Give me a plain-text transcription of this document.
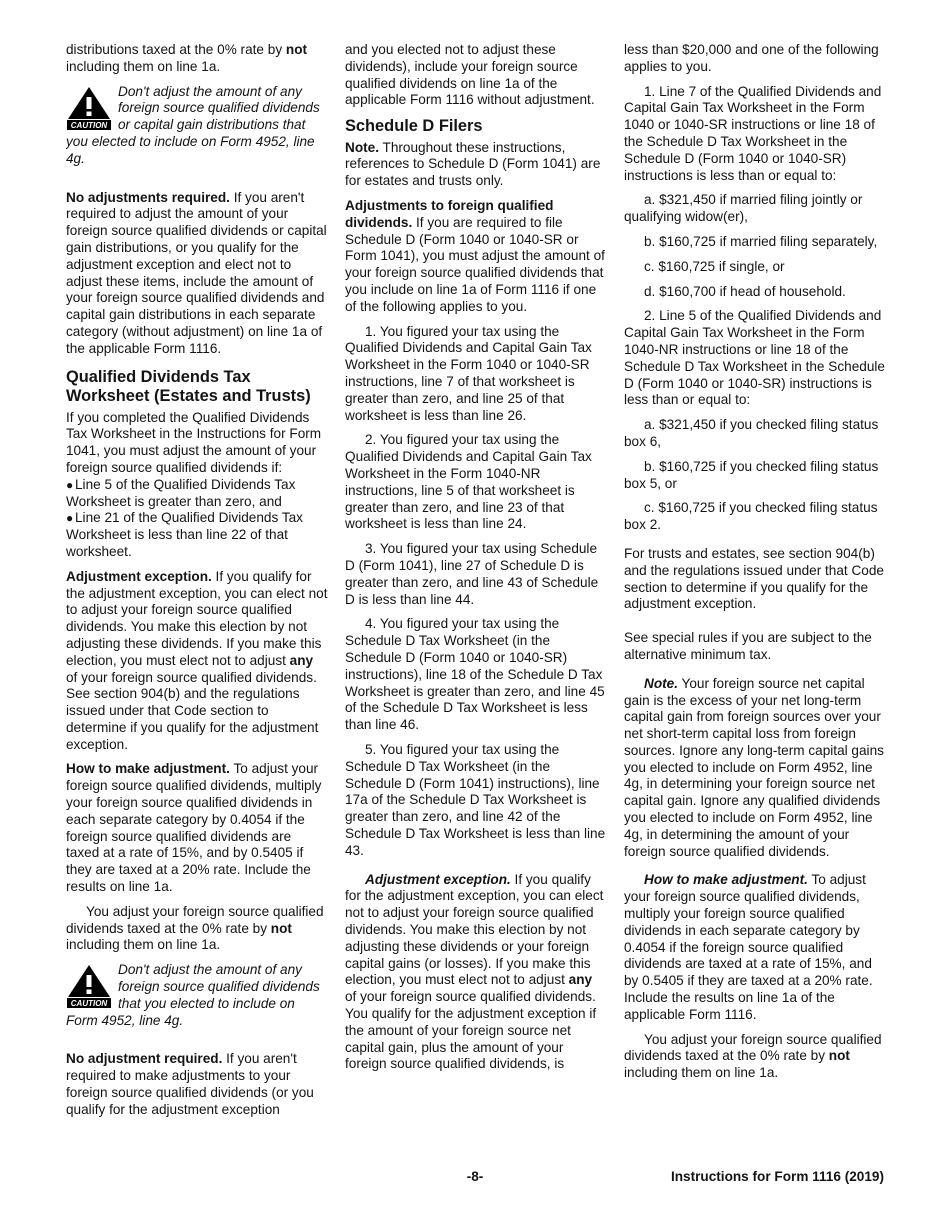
distributions taxed at the 0% rate by not including them on line 1a.

CAUTION
Don't adjust the amount of any foreign source qualified dividends or capital gain distributions that you elected to include on Form 4952, line 4g.

No adjustments required. If you aren't required to adjust the amount of your foreign source qualified dividends or capital gain distributions, or you qualify for the adjustment exception and elect not to adjust these items, include the amount of your foreign source qualified dividends and capital gain distributions in each separate category (without adjustment) on line 1a of the applicable Form 1116.

Qualified Dividends Tax Worksheet (Estates and Trusts)

If you completed the Qualified Dividends Tax Worksheet in the Instructions for Form 1041, you must adjust the amount of your foreign source qualified dividends if:

● Line 5 of the Qualified Dividends Tax Worksheet is greater than zero, and

● Line 21 of the Qualified Dividends Tax Worksheet is less than line 22 of that worksheet.

Adjustment exception. If you qualify for the adjustment exception, you can elect not to adjust your foreign source qualified dividends. You make this election by not adjusting these dividends. If you make this election, you must elect not to adjust any of your foreign source qualified dividends. See section 904(b) and the regulations issued under that Code section to determine if you qualify for the adjustment exception.

How to make adjustment. To adjust your foreign source qualified dividends, multiply your foreign source qualified dividends in each separate category by 0.4054 if the foreign source qualified dividends are taxed at a rate of 15%, and by 0.5405 if they are taxed at a 20% rate. Include the results on line 1a.

You adjust your foreign source qualified dividends taxed at the 0% rate by not including them on line 1a.

CAUTION
Don't adjust the amount of any foreign source qualified dividends that you elected to include on Form 4952, line 4g.

No adjustment required. If you aren't required to make adjustments to your foreign source qualified dividends (or you qualify for the adjustment exception

and you elected not to adjust these dividends), include your foreign source qualified dividends on line 1a of the applicable Form 1116 without adjustment.

Schedule D Filers

Note. Throughout these instructions, references to Schedule D (Form 1041) are for estates and trusts only.

Adjustments to foreign qualified dividends. If you are required to file Schedule D (Form 1040 or 1040-SR or Form 1041), you must adjust the amount of your foreign source qualified dividends that you include on line 1a of Form 1116 if one of the following applies to you.

1. You figured your tax using the Qualified Dividends and Capital Gain Tax Worksheet in the Form 1040 or 1040-SR instructions, line 7 of that worksheet is greater than zero, and line 25 of that worksheet is less than line 26.

2. You figured your tax using the Qualified Dividends and Capital Gain Tax Worksheet in the Form 1040-NR instructions, line 5 of that worksheet is greater than zero, and line 23 of that worksheet is less than line 24.

3. You figured your tax using Schedule D (Form 1041), line 27 of Schedule D is greater than zero, and line 43 of Schedule D is less than line 44.

4. You figured your tax using the Schedule D Tax Worksheet (in the Schedule D (Form 1040 or 1040-SR) instructions), line 18 of the Schedule D Tax Worksheet is greater than zero, and line 45 of the Schedule D Tax Worksheet is less than line 46.

5. You figured your tax using the Schedule D Tax Worksheet (in the Schedule D (Form 1041) instructions), line 17a of the Schedule D Tax Worksheet is greater than zero, and line 42 of the Schedule D Tax Worksheet is less than line 43.

Adjustment exception. If you qualify for the adjustment exception, you can elect not to adjust your foreign source qualified dividends. You make this election by not adjusting these dividends or your foreign capital gains (or losses). If you make this election, you must elect not to adjust any of your foreign source qualified dividends. You qualify for the adjustment exception if the amount of your foreign source net capital gain, plus the amount of your foreign source qualified dividends, is

less than $20,000 and one of the following applies to you.

1. Line 7 of the Qualified Dividends and Capital Gain Tax Worksheet in the Form 1040 or 1040-SR instructions or line 18 of the Schedule D Tax Worksheet in the Schedule D (Form 1040 or 1040-SR) instructions is less than or equal to:

a. $321,450 if married filing jointly or qualifying widow(er),

b. $160,725 if married filing separately,

c. $160,725 if single, or

d. $160,700 if head of household.

2. Line 5 of the Qualified Dividends and Capital Gain Tax Worksheet in the Form 1040-NR instructions or line 18 of the Schedule D Tax Worksheet in the Schedule D (Form 1040 or 1040-SR) instructions is less than or equal to:

a. $321,450 if you checked filing status box 6,

b. $160,725 if you checked filing status box 5, or

c. $160,725 if you checked filing status box 2.

For trusts and estates, see section 904(b) and the regulations issued under that Code section to determine if you qualify for the adjustment exception.

See special rules if you are subject to the alternative minimum tax.

Note. Your foreign source net capital gain is the excess of your net long-term capital gain from foreign sources over your net short-term capital loss from foreign sources. Ignore any long-term capital gains you elected to include on Form 4952, line 4g, in determining your foreign source net capital gain. Ignore any qualified dividends you elected to include on Form 4952, line 4g, in determining the amount of your foreign source qualified dividends.

How to make adjustment. To adjust your foreign source qualified dividends, multiply your foreign source qualified dividends in each separate category by 0.4054 if the foreign source qualified dividends are taxed at a rate of 15%, and by 0.5405 if they are taxed at a 20% rate. Include the results on line 1a of the applicable Form 1116.

You adjust your foreign source qualified dividends taxed at the 0% rate by not including them on line 1a.

-8-	Instructions for Form 1116 (2019)
